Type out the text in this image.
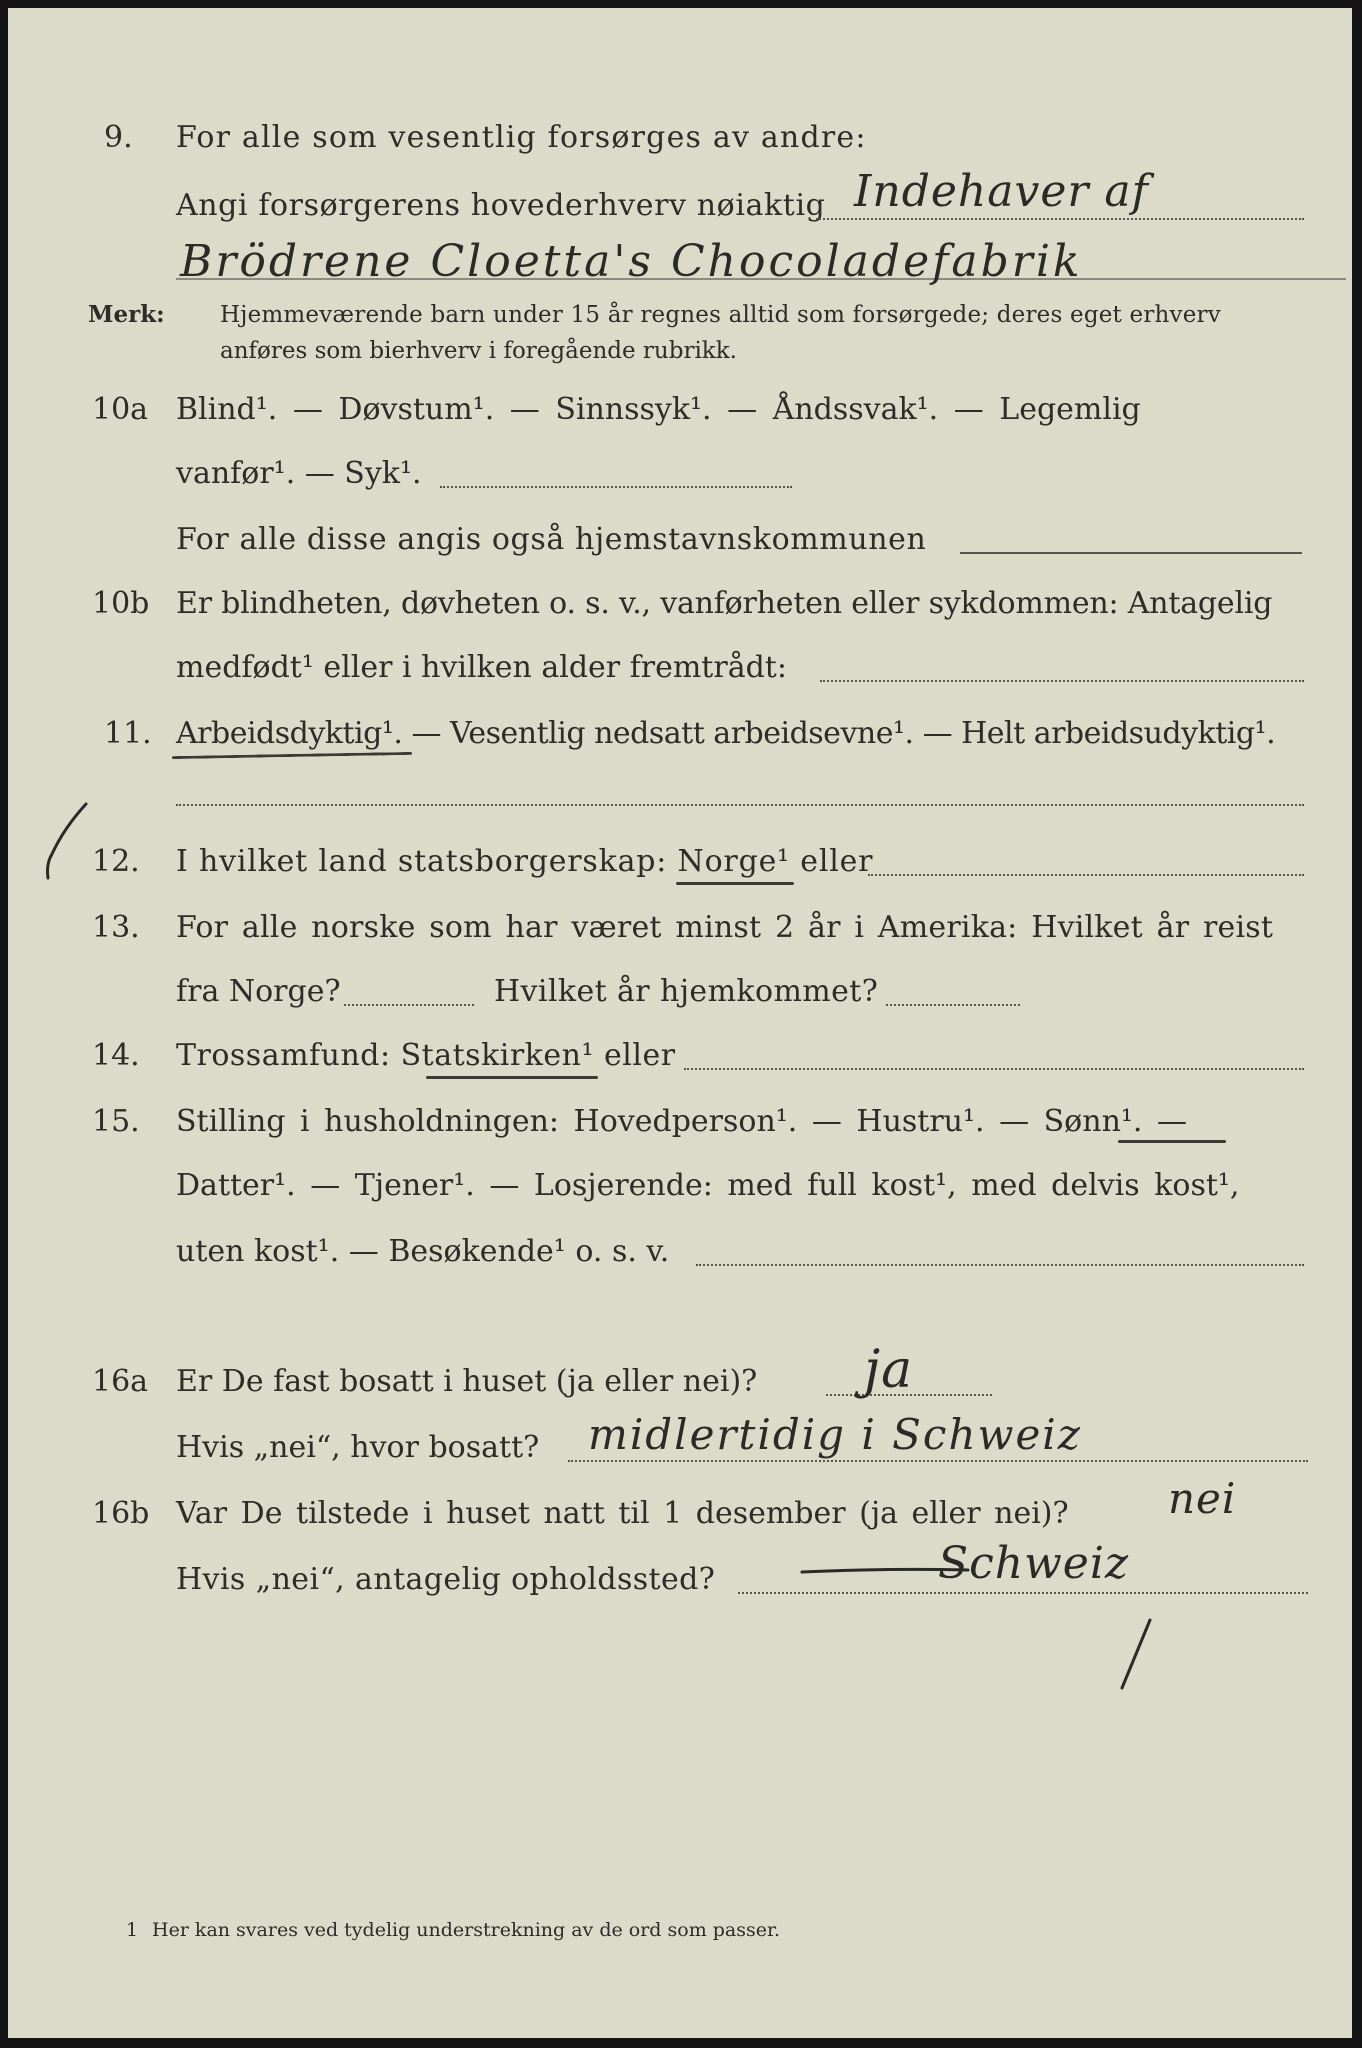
9. For alle som vesentlig forsørges av andre:
Angi forsørgerens hovederhverv nøiaktig Indehaver af
Brödrene Cloetta's Chocoladefabrik
Merk: Hjemmeværende barn under 15 år regnes alltid som forsørgede; deres eget erhverv
anføres som bierhverv i foregående rubrikk.
10a Blind¹. — Døvstum¹. — Sinnssyk¹. — Åndssvak¹. — Legemlig
vanfør¹. — Syk¹.
For alle disse angis også hjemstavnskommunen
10b Er blindheten, døvheten o. s. v., vanførheten eller sykdommen: Antagelig
medfødt¹ eller i hvilken alder fremtrådt:
11. Arbeidsdyktig¹. — Vesentlig nedsatt arbeidsevne¹. — Helt arbeidsudyktig¹.
12. I hvilket land statsborgerskap: Norge¹ eller
13. For alle norske som har været minst 2 år i Amerika: Hvilket år reist
fra Norge?	Hvilket år hjemkommet?
14. Trossamfund: Statskirken¹ eller
15. Stilling i husholdningen: Hovedperson¹. — Hustru¹. — Sønn¹. —
Datter¹. — Tjener¹. — Losjerende: med full kost¹, med delvis kost¹,
uten kost¹. — Besøkende¹ o. s. v.
16a Er De fast bosatt i huset (ja eller nei)? ja
Hvis „nei“, hvor bosatt? midlertidig i Schweiz
16b Var De tilstede i huset natt til 1 desember (ja eller nei)? nei
Hvis „nei“, antagelig opholdssted?	Schweiz
1 Her kan svares ved tydelig understrekning av de ord som passer.
